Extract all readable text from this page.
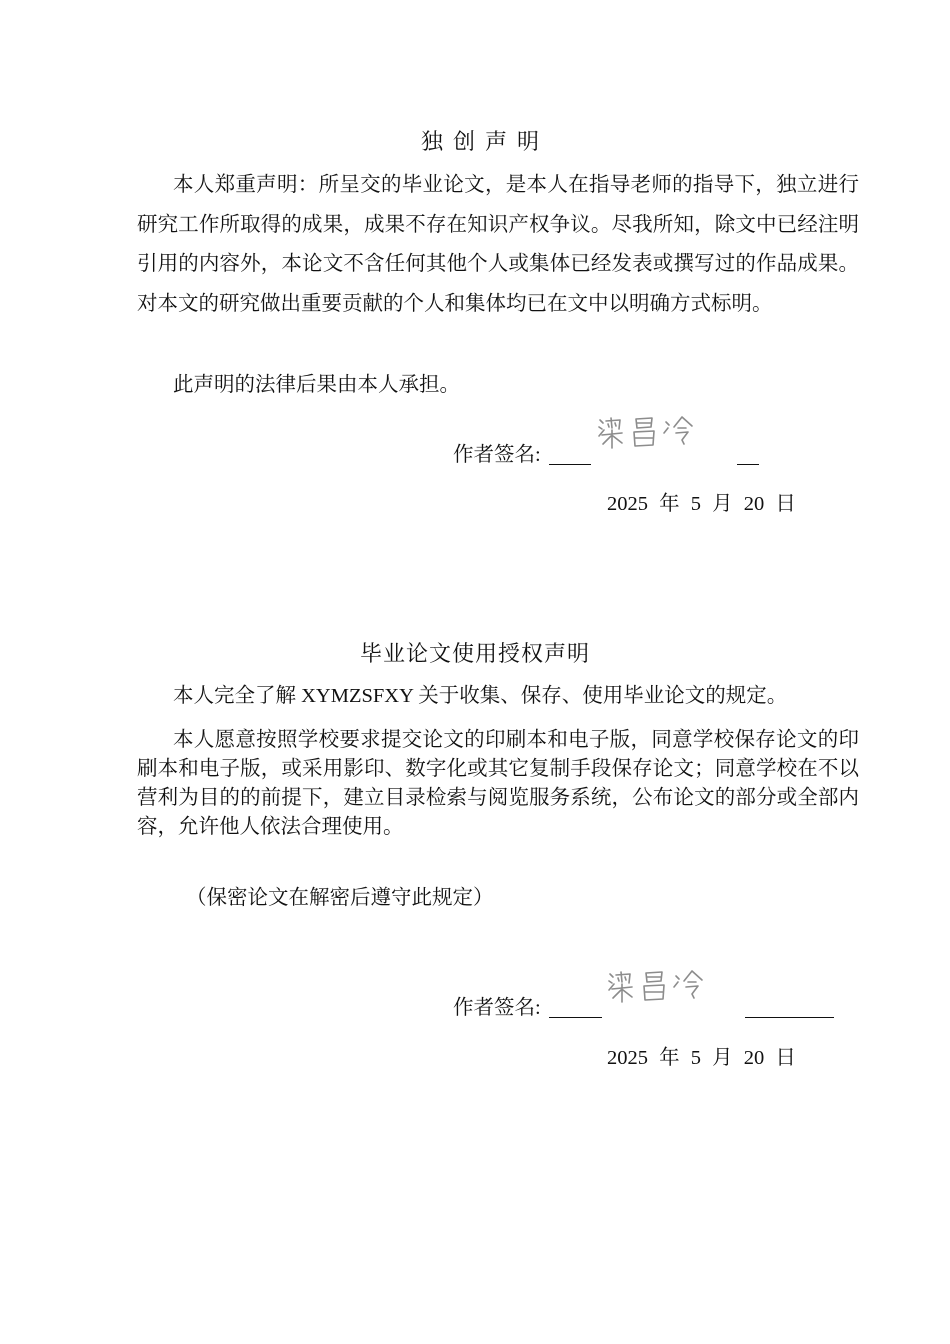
独创声明

本人郑重声明：所呈交的毕业论文，是本人在指导老师的指导下，独立进行研究工作所取得的成果，成果不存在知识产权争议。尽我所知，除文中已经注明引用的内容外，本论文不含任何其他个人或集体已经发表或撰写过的作品成果。对本文的研究做出重要贡献的个人和集体均已在文中以明确方式标明。

此声明的法律后果由本人承担。

作者签名:
2025 年 5 月 20 日
毕业论文使用授权声明

本人完全了解 XYMZSFXY 关于收集、保存、使用毕业论文的规定。

本人愿意按照学校要求提交论文的印刷本和电子版，同意学校保存论文的印刷本和电子版，或采用影印、数字化或其它复制手段保存论文；同意学校在不以营利为目的的前提下，建立目录检索与阅览服务系统，公布论文的部分或全部内容，允许他人依法合理使用。

（保密论文在解密后遵守此规定）

作者签名:
2025 年 5 月 20 日
